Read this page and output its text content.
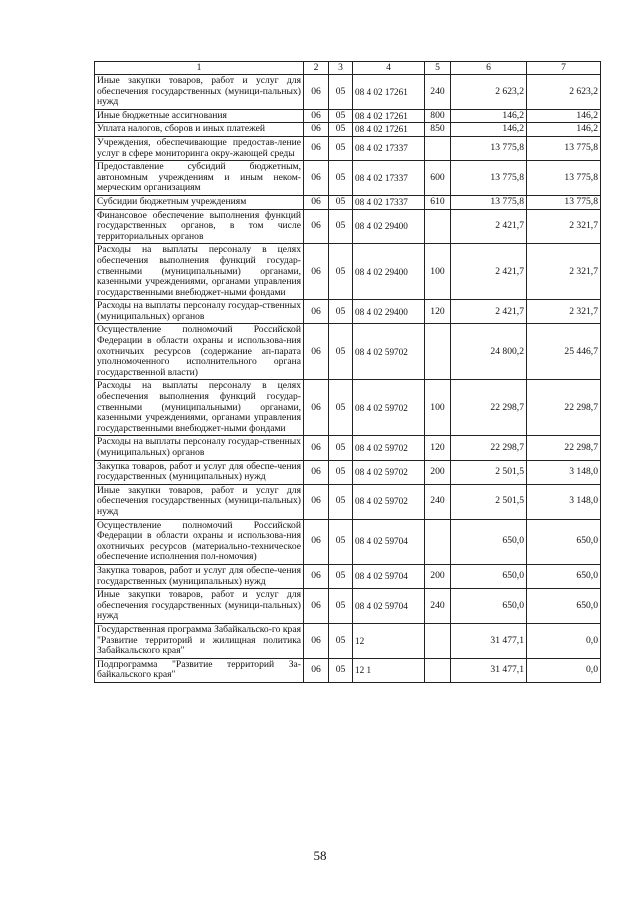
1	2	3	4	5	6	7
Иные закупки товаров, работ и услуг для обеспечения государственных (муници-пальных) нужд	06	05	08 4 02 17261	240	2 623,2	2 623,2
Иные бюджетные ассигнования	06	05	08 4 02 17261	800	146,2	146,2
Уплата налогов, сборов и иных платежей	06	05	08 4 02 17261	850	146,2	146,2
Учреждения, обеспечивающие предостав-ление услуг в сфере мониторинга окру-жающей среды	06	05	08 4 02 17337		13 775,8	13 775,8
Предоставление субсидий бюджетным, автономным учреждениям и иным неком-мерческим организациям	06	05	08 4 02 17337	600	13 775,8	13 775,8
Субсидии бюджетным учреждениям	06	05	08 4 02 17337	610	13 775,8	13 775,8
Финансовое обеспечение выполнения функций государственных органов, в том числе территориальных органов	06	05	08 4 02 29400		2 421,7	2 321,7
Расходы на выплаты персоналу в целях обеспечения выполнения функций государ-ственными (муниципальными) органами, казенными учреждениями, органами управления государственными внебюджет-ными фондами	06	05	08 4 02 29400	100	2 421,7	2 321,7
Расходы на выплаты персоналу государ-ственных (муниципальных) органов	06	05	08 4 02 29400	120	2 421,7	2 321,7
Осуществление полномочий Российской Федерации в области охраны и использова-ния охотничьих ресурсов (содержание ап-парата уполномоченного исполнительного органа государственной власти)	06	05	08 4 02 59702		24 800,2	25 446,7
Расходы на выплаты персоналу в целях обеспечения выполнения функций государ-ственными (муниципальными) органами, казенными учреждениями, органами управления государственными внебюджет-ными фондами	06	05	08 4 02 59702	100	22 298,7	22 298,7
Расходы на выплаты персоналу государ-ственных (муниципальных) органов	06	05	08 4 02 59702	120	22 298,7	22 298,7
Закупка товаров, работ и услуг для обеспе-чения государственных (муниципальных) нужд	06	05	08 4 02 59702	200	2 501,5	3 148,0
Иные закупки товаров, работ и услуг для обеспечения государственных (муници-пальных) нужд	06	05	08 4 02 59702	240	2 501,5	3 148,0
Осуществление полномочий Российской Федерации в области охраны и использова-ния охотничьих ресурсов (материально-техническое обеспечение исполнения пол-номочия)	06	05	08 4 02 59704		650,0	650,0
Закупка товаров, работ и услуг для обеспе-чения государственных (муниципальных) нужд	06	05	08 4 02 59704	200	650,0	650,0
Иные закупки товаров, работ и услуг для обеспечения государственных (муници-пальных) нужд	06	05	08 4 02 59704	240	650,0	650,0
Государственная программа Забайкальско-го края "Развитие территорий и жилищная политика Забайкальского края"	06	05	12		31 477,1	0,0
Подпрограмма "Развитие территорий За-байкальского края"	06	05	12 1		31 477,1	0,0
58
